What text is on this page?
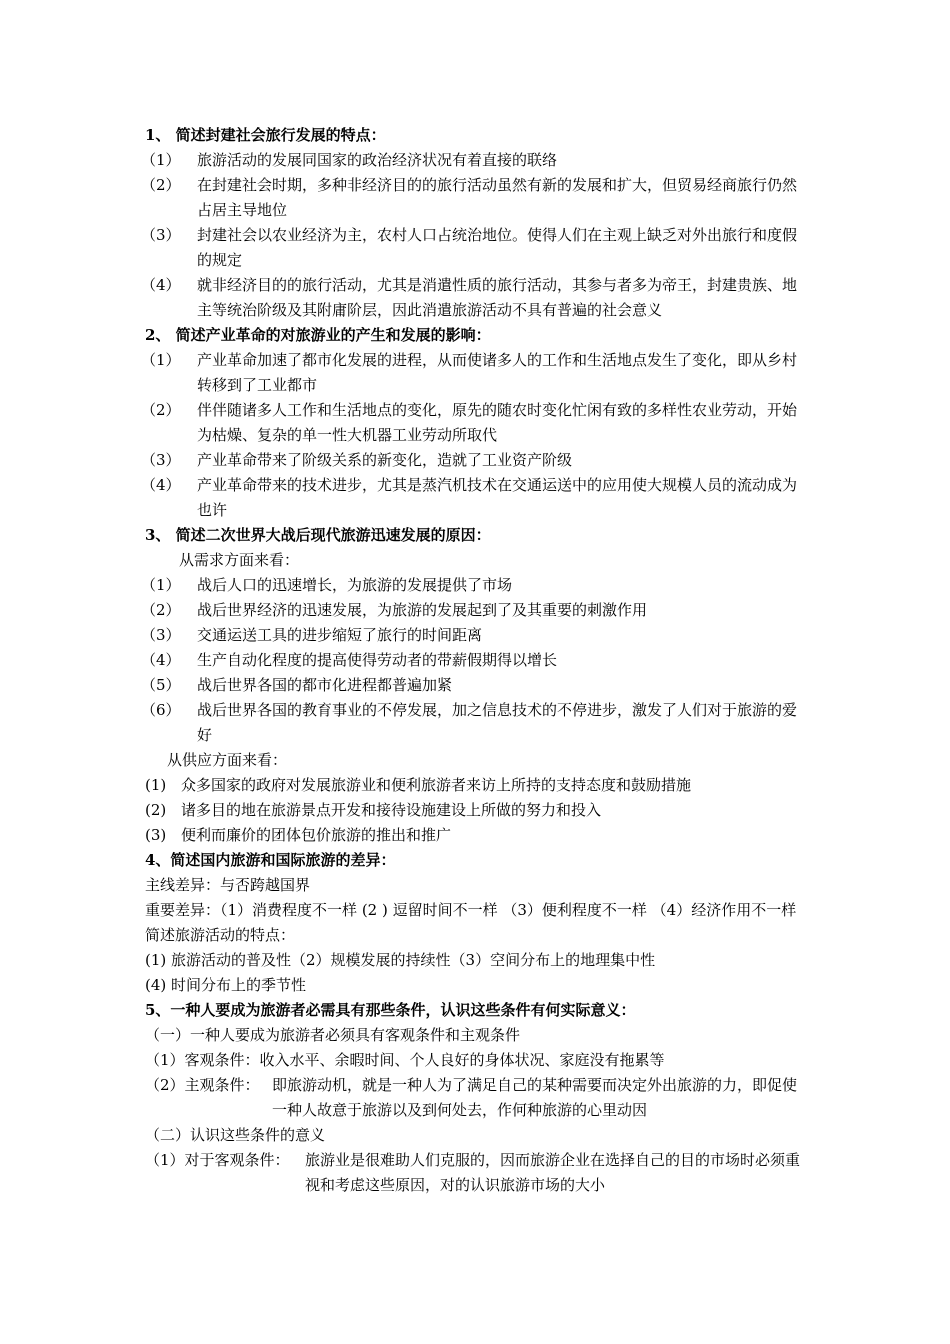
1、 简述封建社会旅行发展的特点：
（1）	旅游活动的发展同国家的政治经济状况有着直接的联络
（2）	在封建社会时期，多种非经济目的的旅行活动虽然有新的发展和扩大，但贸易经商旅行仍然占居主导地位
（3）	封建社会以农业经济为主，农村人口占统治地位。使得人们在主观上缺乏对外出旅行和度假的规定
（4）	就非经济目的的旅行活动，尤其是消遣性质的旅行活动，其参与者多为帝王，封建贵族、地主等统治阶级及其附庸阶层，因此消遣旅游活动不具有普遍的社会意义
2、 简述产业革命的对旅游业的产生和发展的影响：
（1）	产业革命加速了都市化发展的进程，从而使诸多人的工作和生活地点发生了变化，即从乡村转移到了工业都市
（2）	伴伴随诸多人工作和生活地点的变化，原先的随农时变化忙闲有致的多样性农业劳动，开始为枯燥、复杂的单一性大机器工业劳动所取代
（3）	产业革命带来了阶级关系的新变化，造就了工业资产阶级
（4）	产业革命带来的技术进步，尤其是蒸汽机技术在交通运送中的应用使大规模人员的流动成为也许
3、 简述二次世界大战后现代旅游迅速发展的原因：
从需求方面来看：
（1）	战后人口的迅速增长，为旅游的发展提供了市场
（2）	战后世界经济的迅速发展，为旅游的发展起到了及其重要的刺激作用
（3）	交通运送工具的进步缩短了旅行的时间距离
（4）	生产自动化程度的提高使得劳动者的带薪假期得以增长
（5）	战后世界各国的都市化进程都普遍加紧
（6）	战后世界各国的教育事业的不停发展，加之信息技术的不停进步，激发了人们对于旅游的爱好
从供应方面来看：
(1) 众多国家的政府对发展旅游业和便利旅游者来访上所持的支持态度和鼓励措施
(2) 诸多目的地在旅游景点开发和接待设施建设上所做的努力和投入
(3) 便利而廉价的团体包价旅游的推出和推广
4、简述国内旅游和国际旅游的差异：
主线差异：与否跨越国界
重要差异：（1）消费程度不一样 (2 ) 逗留时间不一样 （3）便利程度不一样 （4）经济作用不一样
简述旅游活动的特点：
(1) 旅游活动的普及性（2）规模发展的持续性（3）空间分布上的地理集中性
(4) 时间分布上的季节性
5、一种人要成为旅游者必需具有那些条件，认识这些条件有何实际意义：
（一）一种人要成为旅游者必须具有客观条件和主观条件
（1）客观条件： 收入水平、余暇时间、个人良好的身体状况、家庭没有拖累等
（2）主观条件： 即旅游动机，就是一种人为了满足自己的某种需要而决定外出旅游的力，即促使一种人故意于旅游以及到何处去，作何种旅游的心里动因
（二）认识这些条件的意义
（1）对于客观条件：	旅游业是很难助人们克服的，因而旅游企业在选择自己的目的市场时必须重视和考虑这些原因，对的认识旅游市场的大小
